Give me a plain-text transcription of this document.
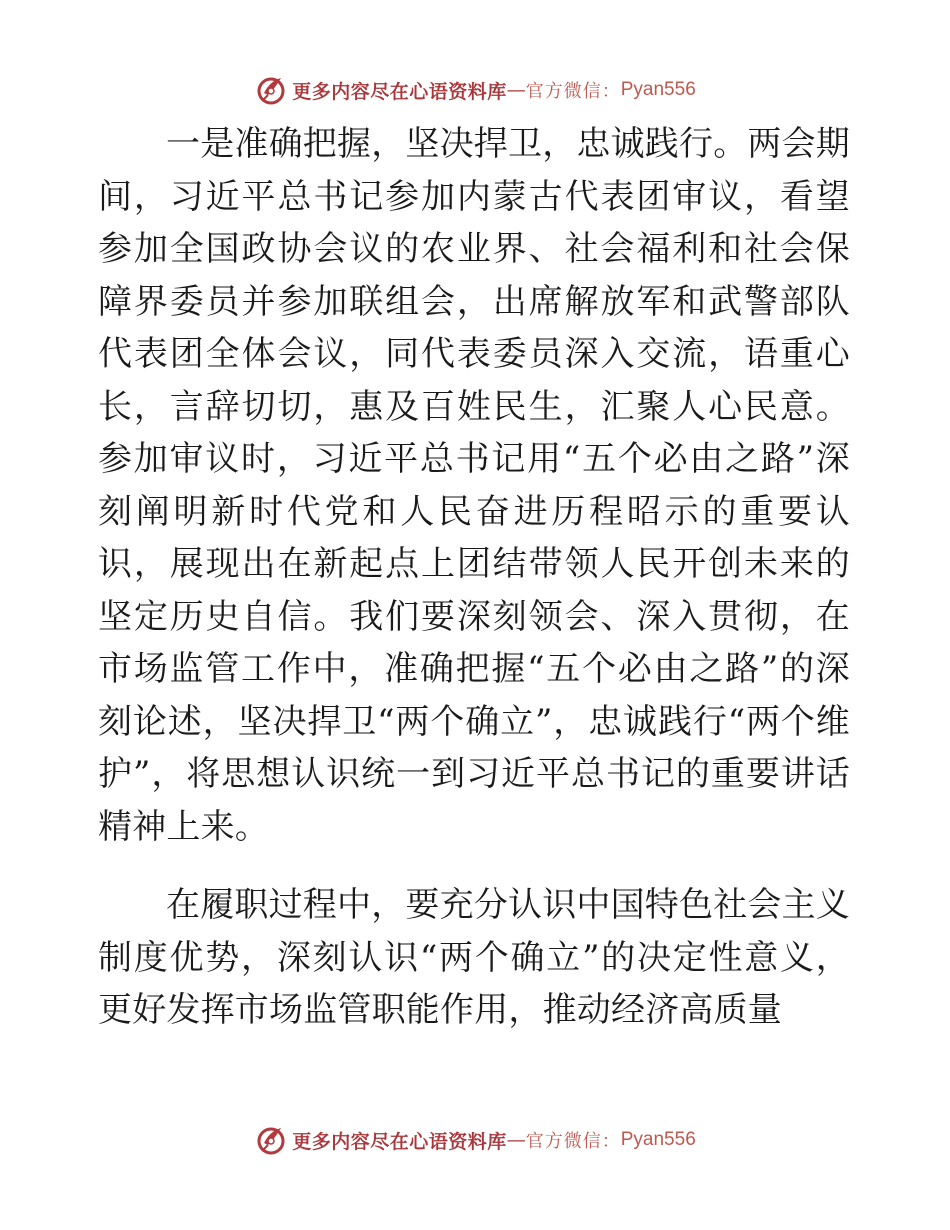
更多内容尽在心语资料库 — 官方微信： Pyan556

一是准确把握，坚决捍卫，忠诚践行。两会期间，习近平总书记参加内蒙古代表团审议，看望参加全国政协会议的农业界、社会福利和社会保障界委员并参加联组会，出席解放军和武警部队代表团全体会议，同代表委员深入交流，语重心长，言辞切切，惠及百姓民生，汇聚人心民意。参加审议时，习近平总书记用“五个必由之路”深刻阐明新时代党和人民奋进历程昭示的重要认识，展现出在新起点上团结带领人民开创未来的坚定历史自信。我们要深刻领会、深入贯彻，在市场监管工作中，准确把握“五个必由之路”的深刻论述，坚决捍卫“两个确立”，忠诚践行“两个维护”，将思想认识统一到习近平总书记的重要讲话精神上来。

在履职过程中，要充分认识中国特色社会主义制度优势，深刻认识“两个确立”的决定性意义，更好发挥市场监管职能作用，推动经济高质量

更多内容尽在心语资料库 — 官方微信： Pyan556
